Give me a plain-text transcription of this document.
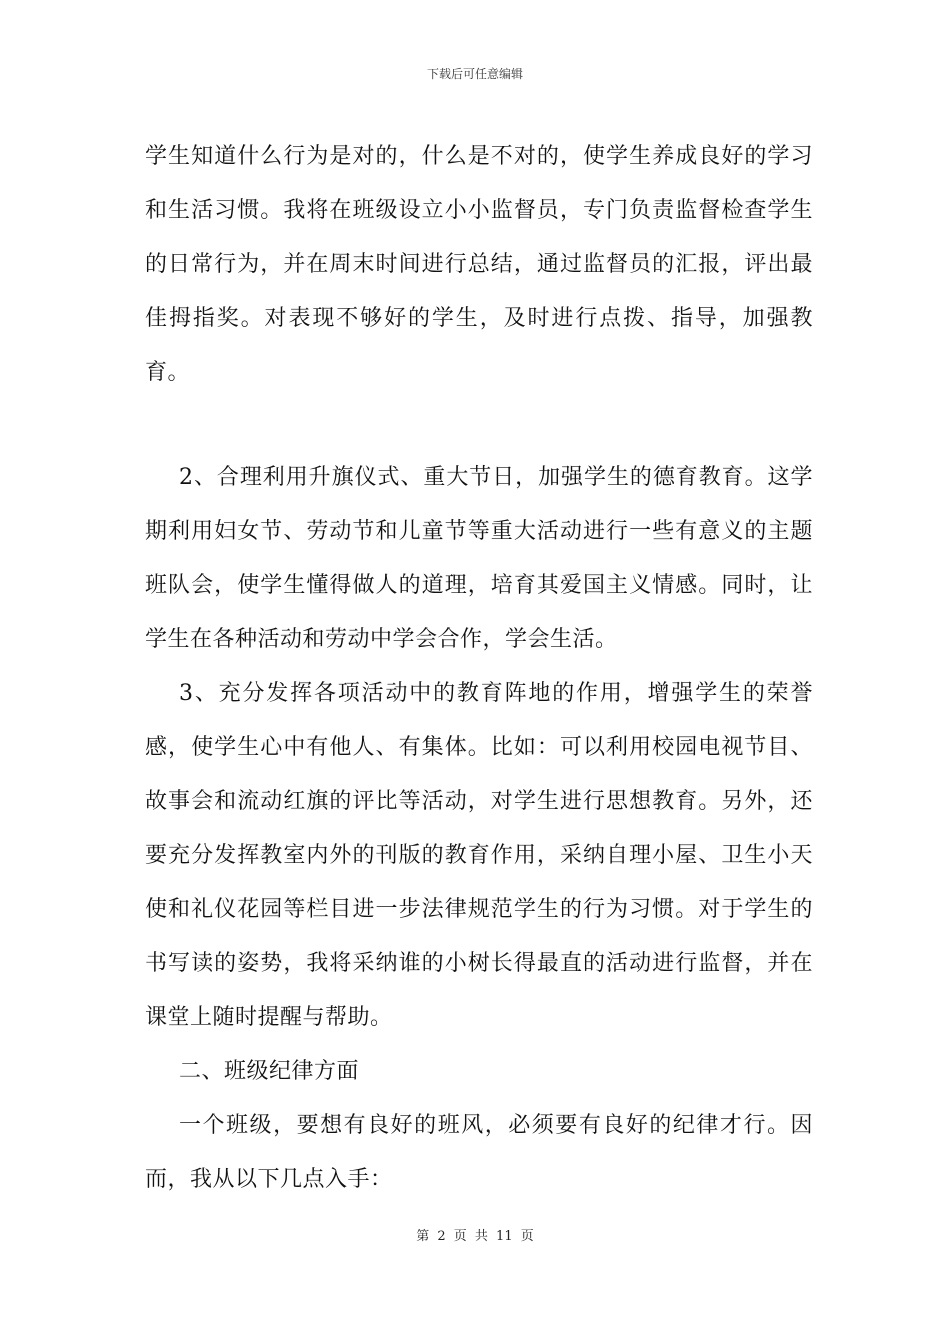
下载后可任意编辑

学生知道什么行为是对的，什么是不对的，使学生养成良好的学习和生活习惯。我将在班级设立小小监督员，专门负责监督检查学生的日常行为，并在周末时间进行总结，通过监督员的汇报，评出最佳拇指奖。对表现不够好的学生，及时进行点拨、指导，加强教育。

2、合理利用升旗仪式、重大节日，加强学生的德育教育。这学期利用妇女节、劳动节和儿童节等重大活动进行一些有意义的主题班队会，使学生懂得做人的道理，培育其爱国主义情感。同时，让学生在各种活动和劳动中学会合作，学会生活。

3、充分发挥各项活动中的教育阵地的作用，增强学生的荣誉感，使学生心中有他人、有集体。比如：可以利用校园电视节目、故事会和流动红旗的评比等活动，对学生进行思想教育。另外，还要充分发挥教室内外的刊版的教育作用，采纳自理小屋、卫生小天使和礼仪花园等栏目进一步法律规范学生的行为习惯。对于学生的书写读的姿势，我将采纳谁的小树长得最直的活动进行监督，并在课堂上随时提醒与帮助。

二、班级纪律方面

一个班级，要想有良好的班风，必须要有良好的纪律才行。因而，我从以下几点入手：

第 2 页 共 11 页
